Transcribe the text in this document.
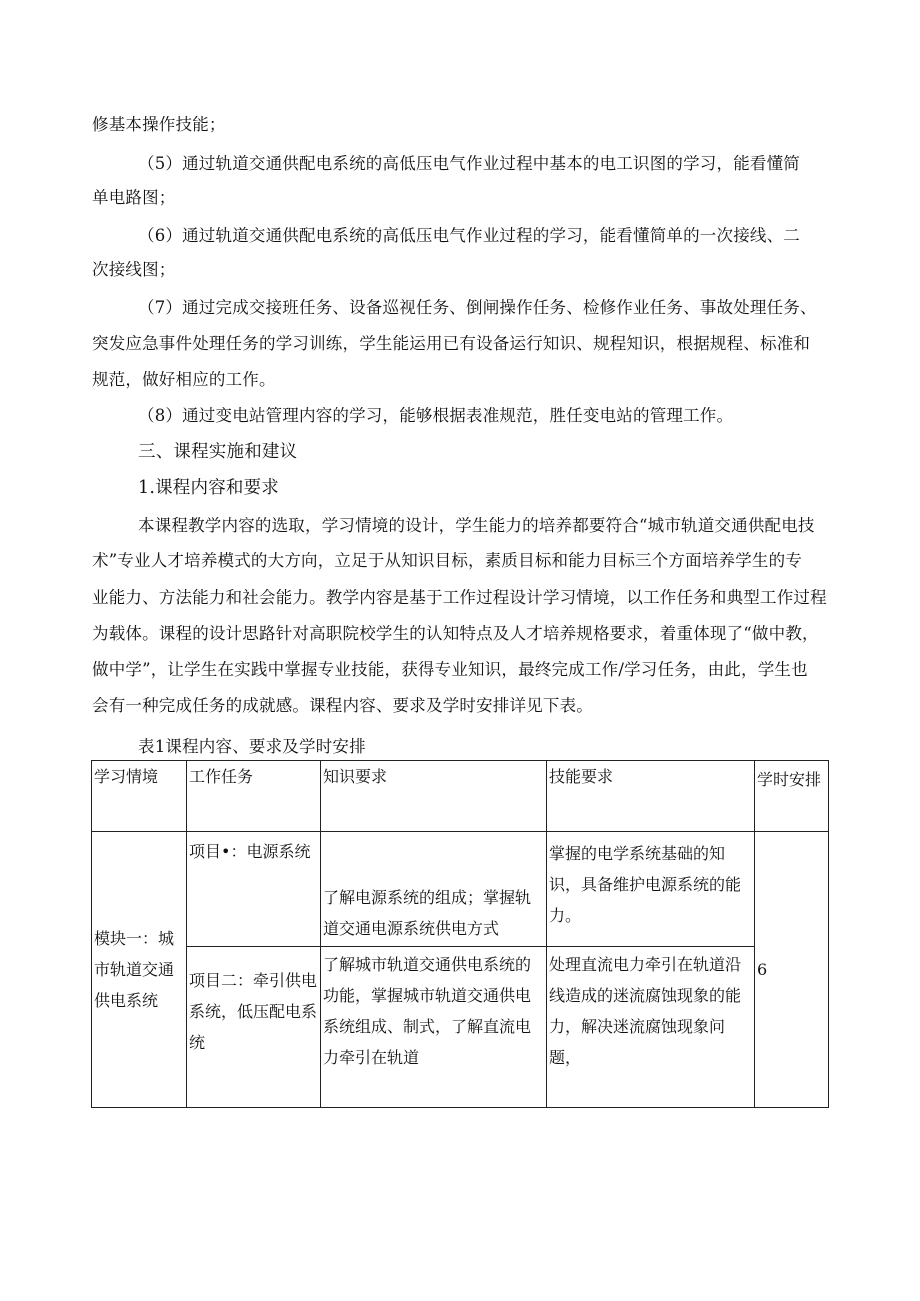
修基本操作技能；
（5）通过轨道交通供配电系统的高低压电气作业过程中基本的电工识图的学习，能看懂简
单电路图；
（6）通过轨道交通供配电系统的高低压电气作业过程的学习，能看懂简单的一次接线、二
次接线图；
（7）通过完成交接班任务、设备巡视任务、倒闸操作任务、检修作业任务、事故处理任务、
突发应急事件处理任务的学习训练，学生能运用已有设备运行知识、规程知识，根据规程、标准和
规范，做好相应的工作。
（8）通过变电站管理内容的学习，能够根据表准规范，胜任变电站的管理工作。
三、课程实施和建议
1.课程内容和要求
本课程教学内容的选取，学习情境的设计，学生能力的培养都要符合“城市轨道交通供配电技
术”专业人才培养模式的大方向，立足于从知识目标，素质目标和能力目标三个方面培养学生的专
业能力、方法能力和社会能力。教学内容是基于工作过程设计学习情境，以工作任务和典型工作过程
为载体。课程的设计思路针对高职院校学生的认知特点及人才培养规格要求，着重体现了“做中教，
做中学”，让学生在实践中掌握专业技能，获得专业知识，最终完成工作/学习任务，由此，学生也
会有一种完成任务的成就感。课程内容、要求及学时安排详见下表。
表1课程内容、要求及学时安排
学习情境	工作任务	知识要求	技能要求	学时安排
模块一：城市轨道交通供电系统	项目•：电源系统	了解电源系统的组成；掌握轨道交通电源系统供电方式	掌握的电学系统基础的知识，具备维护电源系统的能力。	6
	项目二：牵引供电系统，低压配电系统	了解城市轨道交通供电系统的功能，掌握城市轨道交通供电系统组成、制式，了解直流电力牵引在轨道	处理直流电力牵引在轨道沿线造成的迷流腐蚀现象的能力，解决迷流腐蚀现象问题，	
